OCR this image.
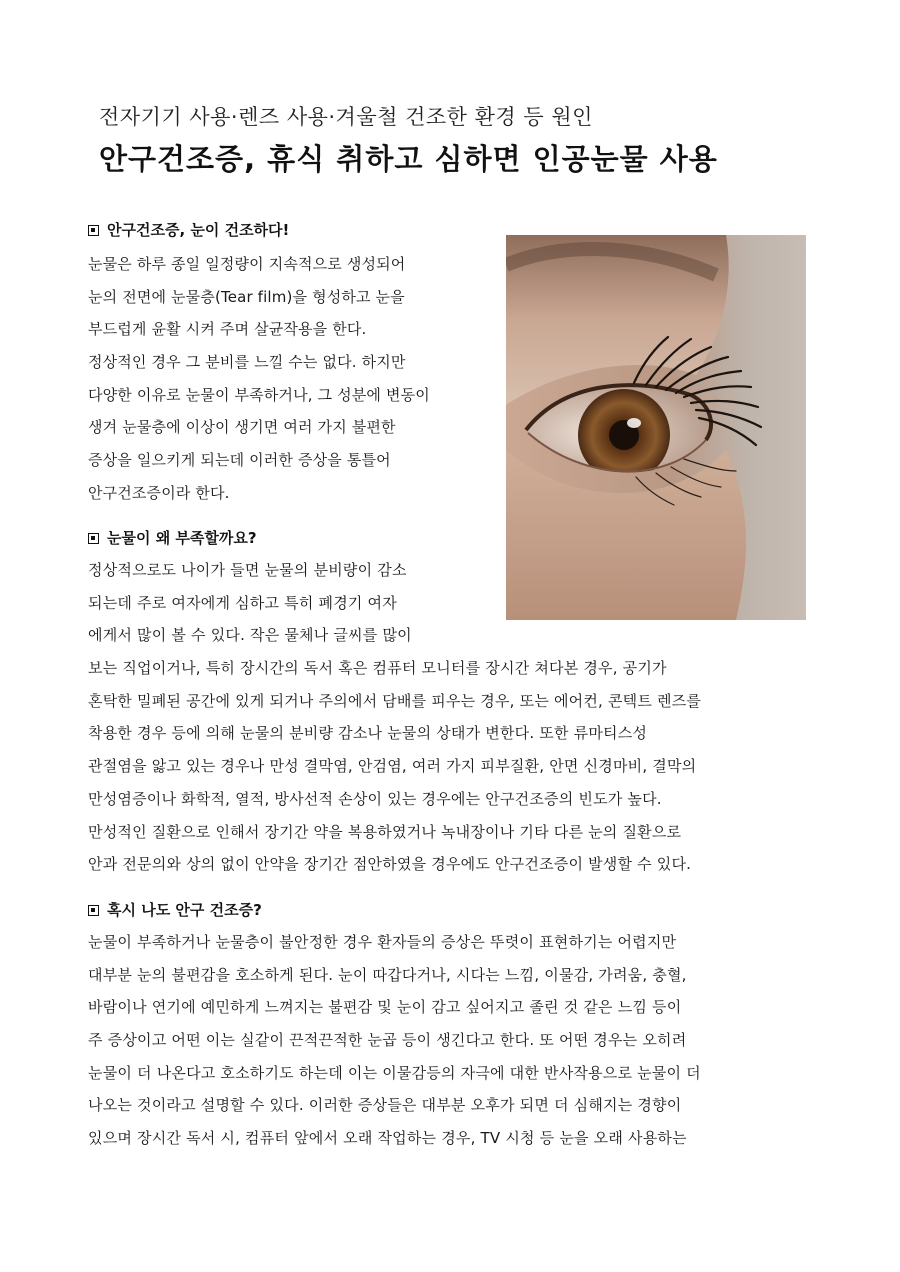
전자기기 사용·렌즈 사용·겨울철 건조한 환경 등 원인
안구건조증, 휴식 취하고 심하면 인공눈물 사용
안구건조증, 눈이 건조하다!
눈물은 하루 종일 일정량이 지속적으로 생성되어
눈의 전면에 눈물층(Tear film)을 형성하고 눈을
부드럽게 윤활 시켜 주며 살균작용을 한다.
정상적인 경우 그 분비를 느낄 수는 없다. 하지만
다양한 이유로 눈물이 부족하거나, 그 성분에 변동이
생겨 눈물층에 이상이 생기면 여러 가지 불편한
증상을 일으키게 되는데 이러한 증상을 통틀어
안구건조증이라 한다.
눈물이 왜 부족할까요?
정상적으로도 나이가 들면 눈물의 분비량이 감소
되는데 주로 여자에게 심하고 특히 폐경기 여자
에게서 많이 볼 수 있다. 작은 물체나 글씨를 많이
보는 직업이거나, 특히 장시간의 독서 혹은 컴퓨터 모니터를 장시간 쳐다본 경우, 공기가
혼탁한 밀폐된 공간에 있게 되거나 주의에서 담배를 피우는 경우, 또는 에어컨, 콘텍트 렌즈를
착용한 경우 등에 의해 눈물의 분비량 감소나 눈물의 상태가 변한다. 또한 류마티스성
관절염을 앓고 있는 경우나 만성 결막염, 안검염, 여러 가지 피부질환, 안면 신경마비, 결막의
만성염증이나 화학적, 열적, 방사선적 손상이 있는 경우에는 안구건조증의 빈도가 높다.
만성적인 질환으로 인해서 장기간 약을 복용하였거나 녹내장이나 기타 다른 눈의 질환으로
안과 전문의와 상의 없이 안약을 장기간 점안하였을 경우에도 안구건조증이 발생할 수 있다.
혹시 나도 안구 건조증?
눈물이 부족하거나 눈물층이 불안정한 경우 환자들의 증상은 뚜렷이 표현하기는 어렵지만
대부분 눈의 불편감을 호소하게 된다. 눈이 따갑다거나, 시다는 느낌, 이물감, 가려움, 충혈,
바람이나 연기에 예민하게 느껴지는 불편감 및 눈이 감고 싶어지고 졸린 것 같은 느낌 등이
주 증상이고 어떤 이는 실같이 끈적끈적한 눈곱 등이 생긴다고 한다. 또 어떤 경우는 오히려
눈물이 더 나온다고 호소하기도 하는데 이는 이물감등의 자극에 대한 반사작용으로 눈물이 더
나오는 것이라고 설명할 수 있다. 이러한 증상들은 대부분 오후가 되면 더 심해지는 경향이
있으며 장시간 독서 시, 컴퓨터 앞에서 오래 작업하는 경우, TV 시청 등 눈을 오래 사용하는
